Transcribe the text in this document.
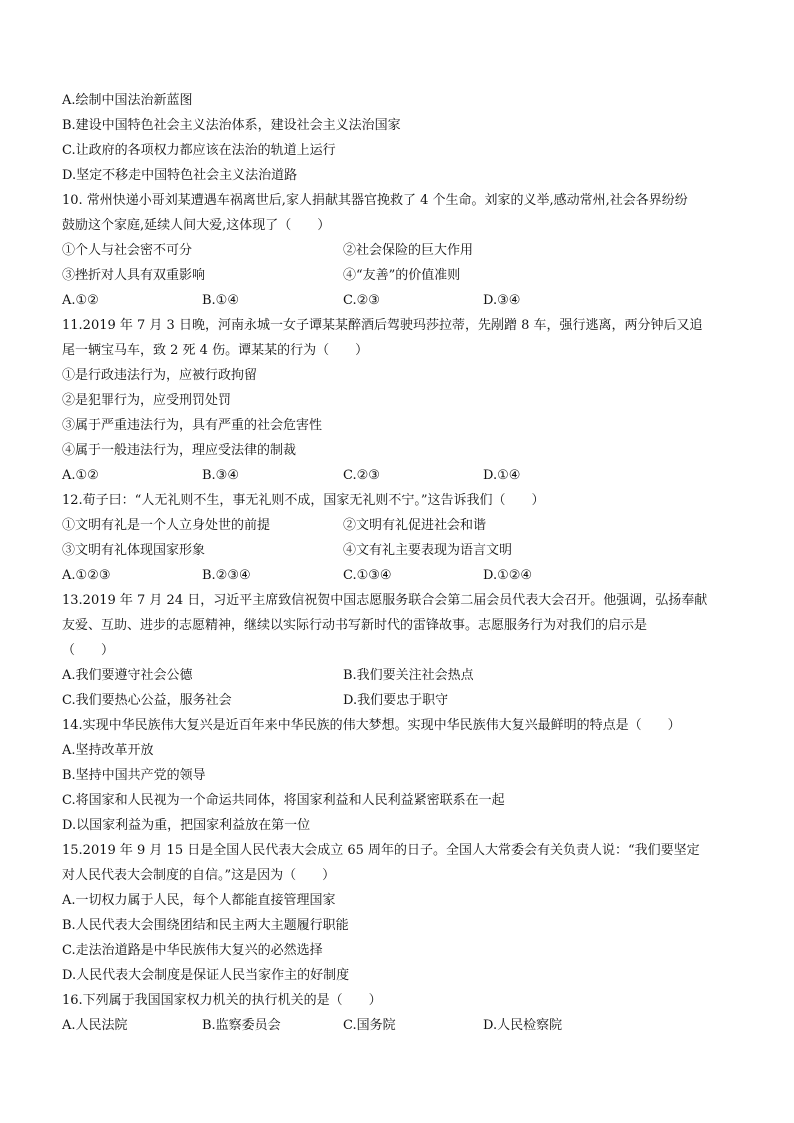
A.绘制中国法治新蓝图
B.建设中国特色社会主义法治体系，建设社会主义法治国家
C.让政府的各项权力都应该在法治的轨道上运行
D.坚定不移走中国特色社会主义法治道路
10. 常州快递小哥刘某遭遇车祸离世后,家人捐献其器官挽救了 4 个生命。刘家的义举,感动常州,社会各界纷纷
鼓励这个家庭,延续人间大爱,这体现了（　　）
①个人与社会密不可分	②社会保险的巨大作用
③挫折对人具有双重影响	④“友善”的价值准则
A.①②	B.①④	C.②③	D.③④
11.2019 年 7 月 3 日晚，河南永城一女子谭某某醉酒后驾驶玛莎拉蒂，先剐蹭 8 车，强行逃离，两分钟后又追
尾一辆宝马车，致 2 死 4 伤。谭某某的行为（　　）
①是行政违法行为，应被行政拘留
②是犯罪行为，应受刑罚处罚
③属于严重违法行为，具有严重的社会危害性
④属于一般违法行为，理应受法律的制裁
A.①②	B.③④	C.②③	D.①④
12.荀子曰：“人无礼则不生，事无礼则不成，国家无礼则不宁。”这告诉我们（　　）
①文明有礼是一个人立身处世的前提	②文明有礼促进社会和谐
③文明有礼体现国家形象	④文有礼主要表现为语言文明
A.①②③	B.②③④	C.①③④	D.①②④
13.2019 年 7 月 24 日，习近平主席致信祝贺中国志愿服务联合会第二届会员代表大会召开。他强调，弘扬奉献
友爱、互助、进步的志愿精神，继续以实际行动书写新时代的雷锋故事。志愿服务行为对我们的启示是
（　　）
A.我们要遵守社会公德	B.我们要关注社会热点
C.我们要热心公益，服务社会	D.我们要忠于职守
14.实现中华民族伟大复兴是近百年来中华民族的伟大梦想。实现中华民族伟大复兴最鲜明的特点是（　　）
A.坚持改革开放
B.坚持中国共产党的领导
C.将国家和人民视为一个命运共同体，将国家利益和人民利益紧密联系在一起
D.以国家利益为重，把国家利益放在第一位
15.2019 年 9 月 15 日是全国人民代表大会成立 65 周年的日子。全国人大常委会有关负责人说：“我们要坚定
对人民代表大会制度的自信。”这是因为（　　）
A.一切权力属于人民，每个人都能直接管理国家
B.人民代表大会围绕团结和民主两大主题履行职能
C.走法治道路是中华民族伟大复兴的必然选择
D.人民代表大会制度是保证人民当家作主的好制度
16.下列属于我国国家权力机关的执行机关的是（　　）
A.人民法院	B.监察委员会	C.国务院	D.人民检察院
